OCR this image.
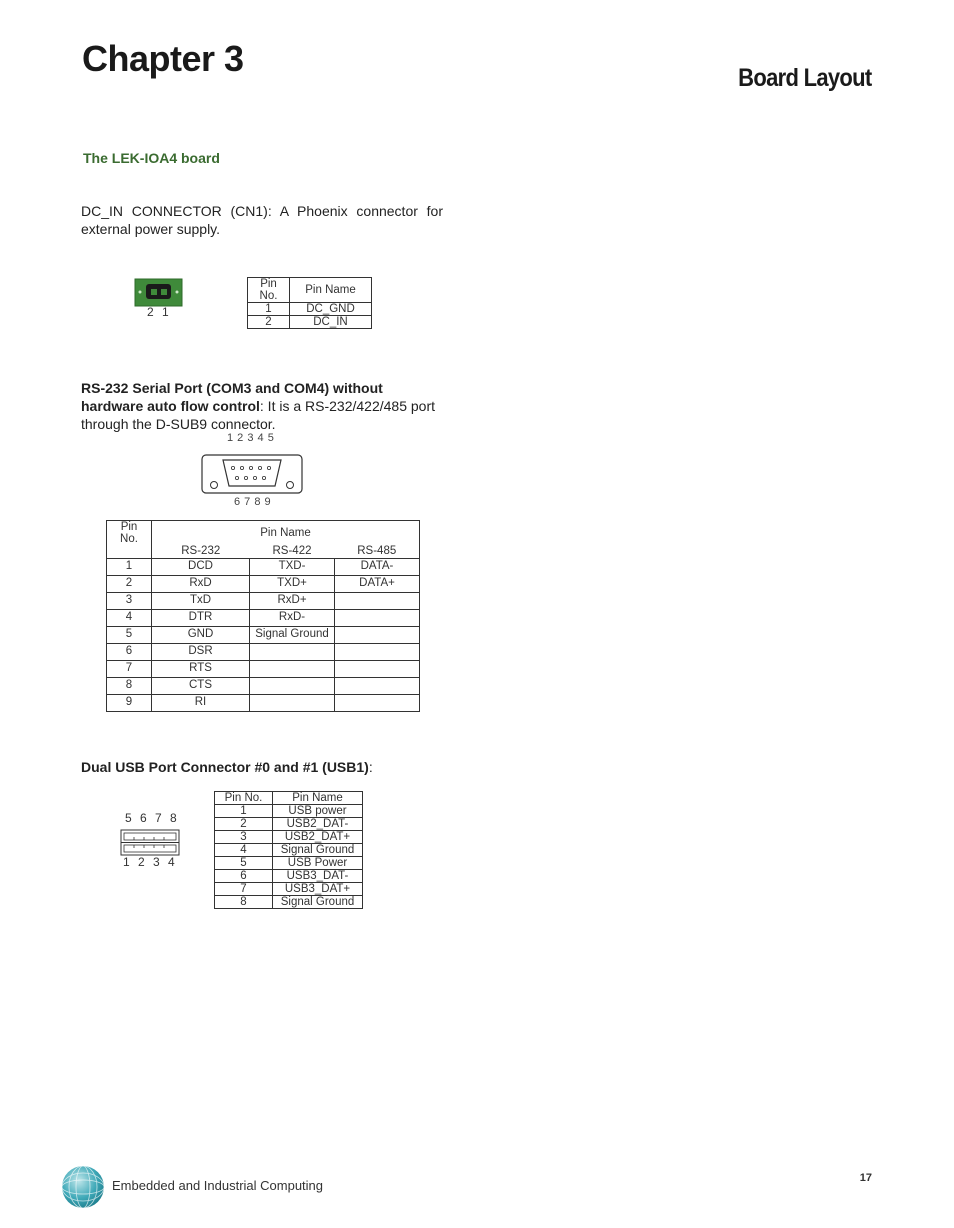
Chapter 3	Board Layout
The LEK-IOA4 board
DC_IN CONNECTOR (CN1): A Phoenix connector for
external power supply.
2 1
Pin No.	Pin Name
1	DC_GND
2	DC_IN
RS-232 Serial Port (COM3 and COM4) without
hardware auto flow control: It is a RS-232/422/485 port
through the D-SUB9 connector.
1 2 3 4 5
6 7 8 9
Pin No.	Pin Name		
	RS-232	RS-422	RS-485
1	DCD	TXD-	DATA-
2	RxD	TXD+	DATA+
3	TxD	RxD+	
4	DTR	RxD-	
5	GND	Signal Ground	
6	DSR		
7	RTS		
8	CTS		
9	RI		
Dual USB Port Connector #0 and #1 (USB1):
5 6 7 8
1 2 3 4
Pin No.	Pin Name
1	USB power
2	USB2_DAT-
3	USB2_DAT+
4	Signal Ground
5	USB Power
6	USB3_DAT-
7	USB3_DAT+
8	Signal Ground
Embedded and Industrial Computing	17
